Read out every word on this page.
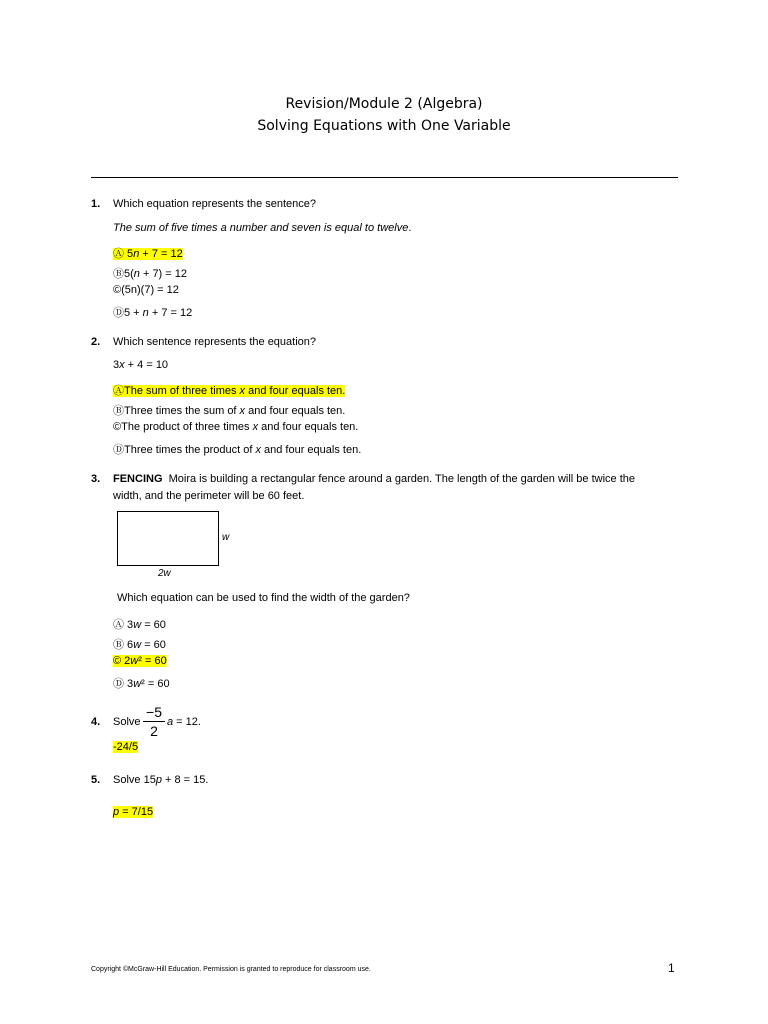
Revision/Module 2 (Algebra)
Solving Equations with One Variable
1. Which equation represents the sentence?
The sum of five times a number and seven is equal to twelve.
Ⓐ 5n + 7 = 12
Ⓑ5(n + 7) = 12
©(5n)(7) = 12
Ⓓ5 + n + 7 = 12
2. Which sentence represents the equation?
3x + 4 = 10
ⒶThe sum of three times x and four equals ten.
ⒷThree times the sum of x and four equals ten.
©The product of three times x and four equals ten.
ⒹThree times the product of x and four equals ten.
3. FENCING  Moira is building a rectangular fence around a garden. The length of the garden will be twice the
width, and the perimeter will be 60 feet.
w
2w
Which equation can be used to find the width of the garden?
Ⓐ 3w = 60
Ⓑ 6w = 60
© 2w² = 60
Ⓓ 3w² = 60
4. Solve
−5
2
a = 12.
-24/5
5. Solve 15p + 8 = 15.
p = 7/15
Copyright ©McGraw-Hill Education. Permission is granted to reproduce for classroom use.	1
